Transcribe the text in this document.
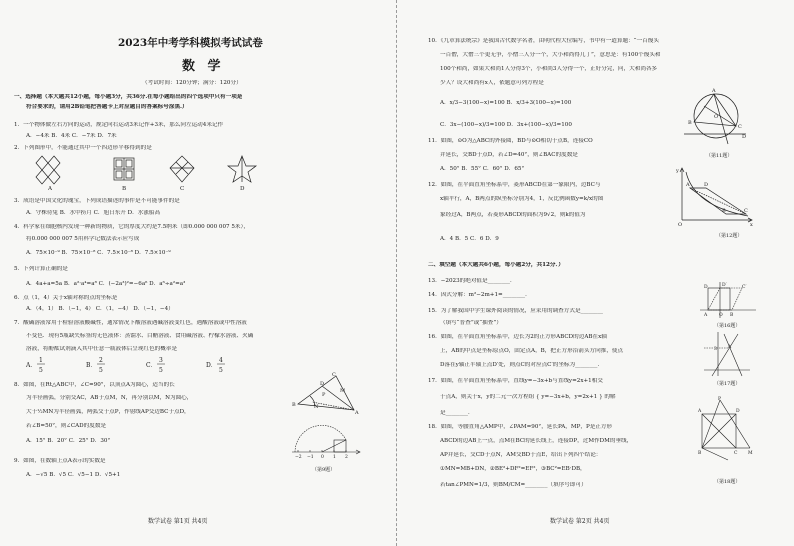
2023年中考学科模拟考试试卷
数 学
（考试时间：120分钟；满分：120分）
一、选择题（本大题共12小题，每小题3分，共36分.在每小题给出的四个选项中只有一项是
符合要求的，请用2B铅笔把答题卡上对应题目的答案标号涂黑.）
1．一个物体做左右方向的运动，规定向右运动3米记作+3米，那么向左运动4米记作
A．−4米 B．4米 C．−7米 D．7米
2．下列图形中，不能通过其中一个四边形平移得到的是
A	B	C	D
3．成语是中国文化的瑰宝，下列成语描述的事件是不可能事件的是
A．守株待兔 B．水中捞月 C．旭日东升 D．水涨船高
4．科学家在细胞核内发现一种新的物质，它的厚度大约是7.5纳米（即0.000 000 007 5米），
将0.000 000 007 5用科学记数法表示应写成
A．75×10⁻⁹ B．75×10⁻⁸ C．7.5×10⁻⁸ D．7.5×10⁻⁹
5．下列计算正确的是
A．4a+a=5a B．a²·a⁴=a⁸ C．(−2a³)²=−6a⁶ D．a⁶÷a²=a³
6．点（1，4）关于x轴对称的点的坐标是
A．（4，1） B．（−1，4） C．（1，−4） D．（−1，−4）
7．酸碱溶液常用于检验溶液酸碱性，通常情况下酸溶液遇碱溶液变红色，遇酸溶液或中性溶液
不变色．现有5瓶缺失标签的无色液体：蒸馏水、白醋溶液、食用碱溶液、柠檬水溶液、火碱
溶液，将酚酞试剂滴入其中任意一瓶液体后呈现红色的概率是
A．
1
5
B．
2
5
C．
3
5
D．
4
5
8．如图，在Rt△ABC中，∠C=90°，以顶点A为圆心，适当的长
为半径画弧，分别交AC，AB于点M，N，再分别以M，N为圆心，
大于½MN为半径画弧，两弧交于点P，作射线AP交边BC于点D，
若∠B=50°，则∠CAD的度数是
A．15° B．20° C．25° D．30°
C
B
A
D
N
P
M
9．如图，在数轴上点A表示的实数是
A．−√5 B．√5 C．√5−1 D．√5+1
−2 −1 0 1 2
（第9题）
数学试卷 第1页 共4页
10．《九章算法统宗》是我国古代数学名著，由明代程大位编写，书中有一道算题：“一百馒头
一百僧，大僧三个更无争，小僧三人分一个，大小和尚得几丁”，意思是：有100个馒头和
100个和尚，如果大和尚1人分得3个，小和尚3人分得一个，正好分完，问，大和尚各多
少人？设大和尚有x人，依题意可列方程是
A．x/3−3(100−x)=100 B．x/3+3(100−x)=100
C．3x−(100−x)/3=100 D．3x+(100−x)/3=100
A
B
C
O
D
（第11题）
11．如图，⊙O为△ABC的外接圆，BD与⊙O相切于点B，连接CO
并延长，交BD于点D，若∠D=40°，则∠BAC的度数是
A．50° B．55° C．60° D．65°
12．如图，在平面直角坐标系中，菱形ABCD在第一象限内，边BC与
x轴平行，A，B两点的纵坐标分别为4，1，反比例函数y=k/x的图
象经过A，B两点，若菱形ABCD的面积为9√2，则k的值为
A．4 B．5 C．6 D．9
y
x
O
A	D
B	C
（第12题）
二、填空题（本大题共6小题，每小题2分，共12分．）
13．−2023的绝对值是________．
14．因式分解：m²−2m+1=________．
15．为了解我国中学生课外阅读的情况，应采用的调查方式是________
（填写“普查”或“抽查”）
16．如图，在平面直角坐标系中，边长为2的正方形ABCD的边AB在x轴
上，AB的中点是坐标原点O，固定点A，B，把正方形沿箭头方向推，使点
D落在y轴正半轴上点D′处，则点C的对应点C′的坐标为________．
17．如图，在平面直角坐标系中，直线y=−3x+b与直线y=2x+1相交
于点A，则关于x，y的二元一次方程组 { y=−3x+b，y=2x+1 } 的解
是________．
18．如图，等腰直角△AMP中，∠PAM=90°，延长PA，MP，P是正方形
ABCD的边AB上一点，点M在BC的延长线上，连接DP，过M作DM的垂线，
AP并延长，交CD于点N，AM交BD于点E，给出下列四个结论：
①MN=MB+DN，②BE²+DF²=EF²，③BC²=EB·DB，
若tan∠PMN=1/3，则BM/CM=________（填序号即可）
A	B
O
D	D′	C′
（第16题）
3 A
（第17题）
P
A	D
B	C M
（第18题）
数学试卷 第2页 共4页
